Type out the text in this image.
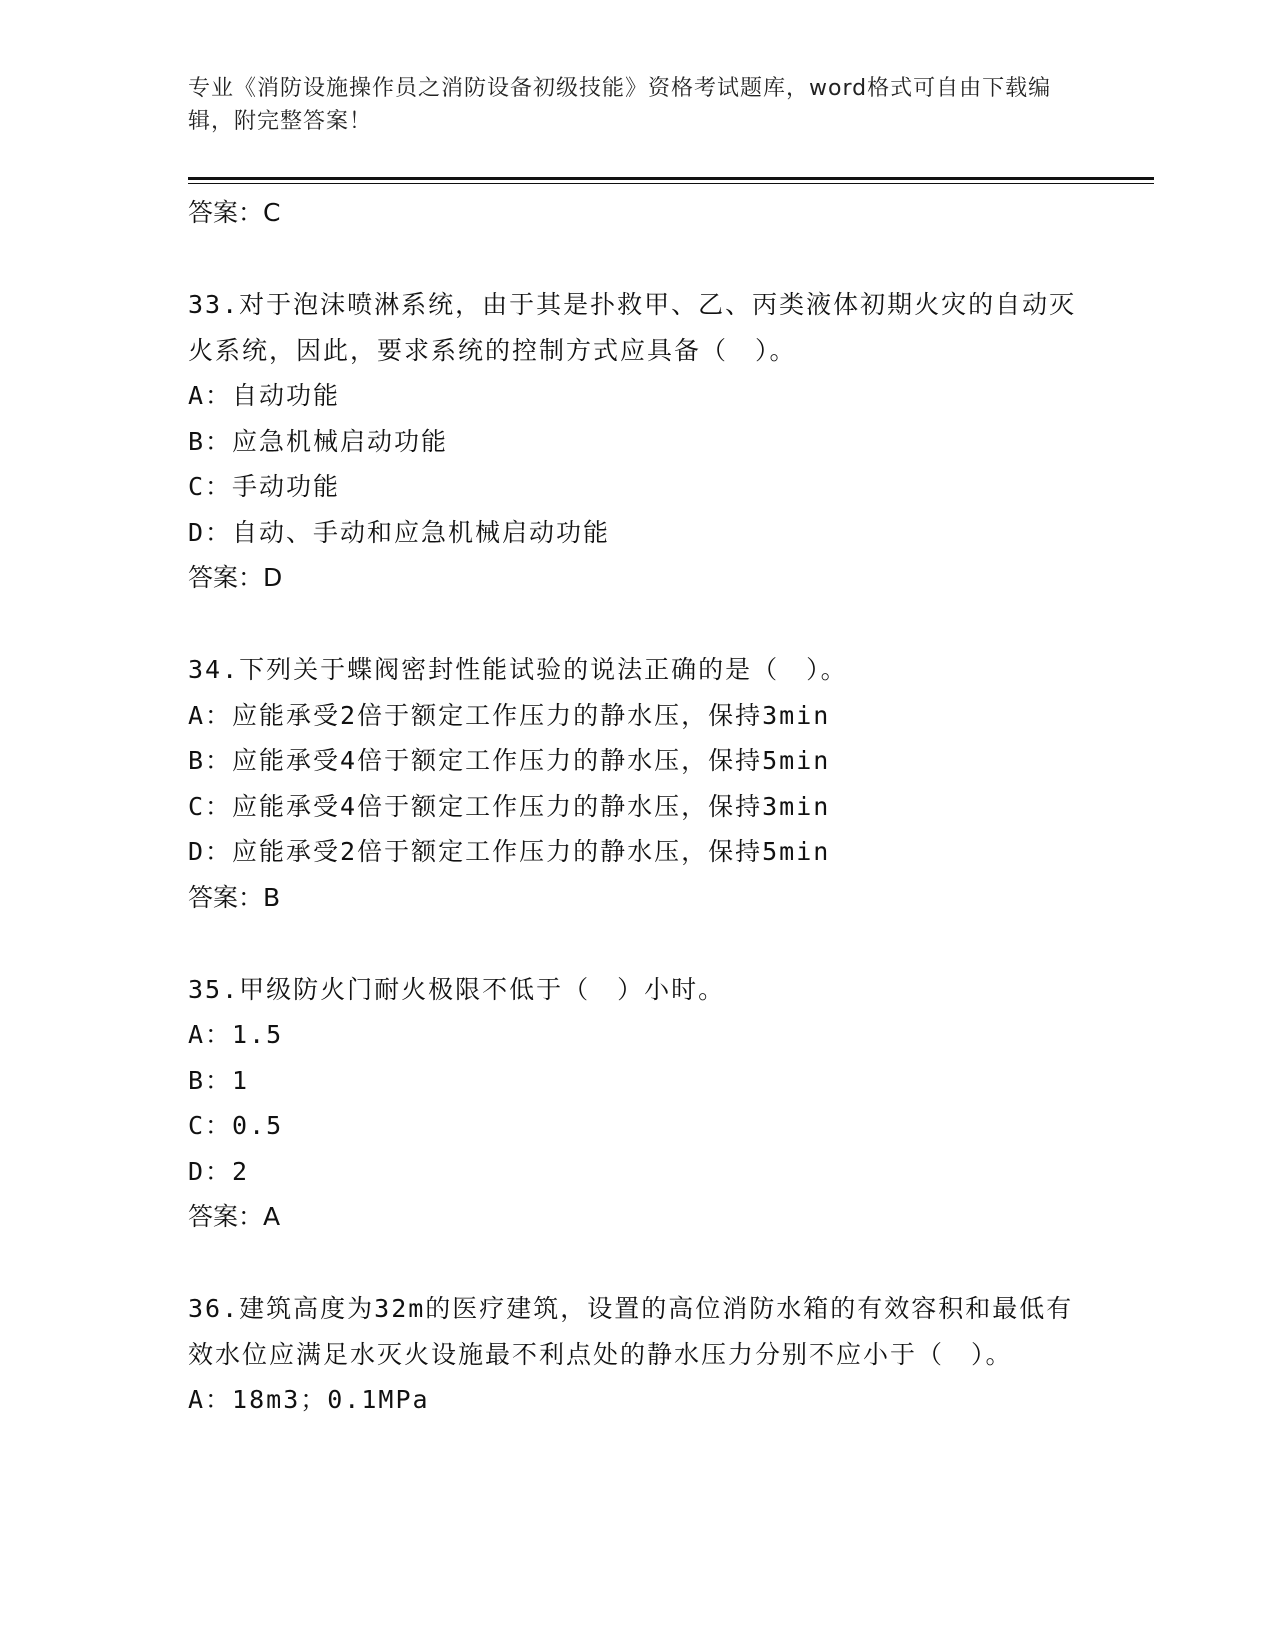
专业《消防设施操作员之消防设备初级技能》资格考试题库，word格式可自由下载编辑，附完整答案！
答案：C
33.对于泡沫喷淋系统，由于其是扑救甲、乙、丙类液体初期火灾的自动灭火系统，因此，要求系统的控制方式应具备（　）。
A：自动功能
B：应急机械启动功能
C：手动功能
D：自动、手动和应急机械启动功能
答案：D
34.下列关于蝶阀密封性能试验的说法正确的是（　）。
A：应能承受2倍于额定工作压力的静水压，保持3min
B：应能承受4倍于额定工作压力的静水压，保持5min
C：应能承受4倍于额定工作压力的静水压，保持3min
D：应能承受2倍于额定工作压力的静水压，保持5min
答案：B
35.甲级防火门耐火极限不低于（　）小时。
A：1.5
B：1
C：0.5
D：2
答案：A
36.建筑高度为32m的医疗建筑，设置的高位消防水箱的有效容积和最低有效水位应满足水灭火设施最不利点处的静水压力分别不应小于（　）。
A：18m3；0.1MPa
